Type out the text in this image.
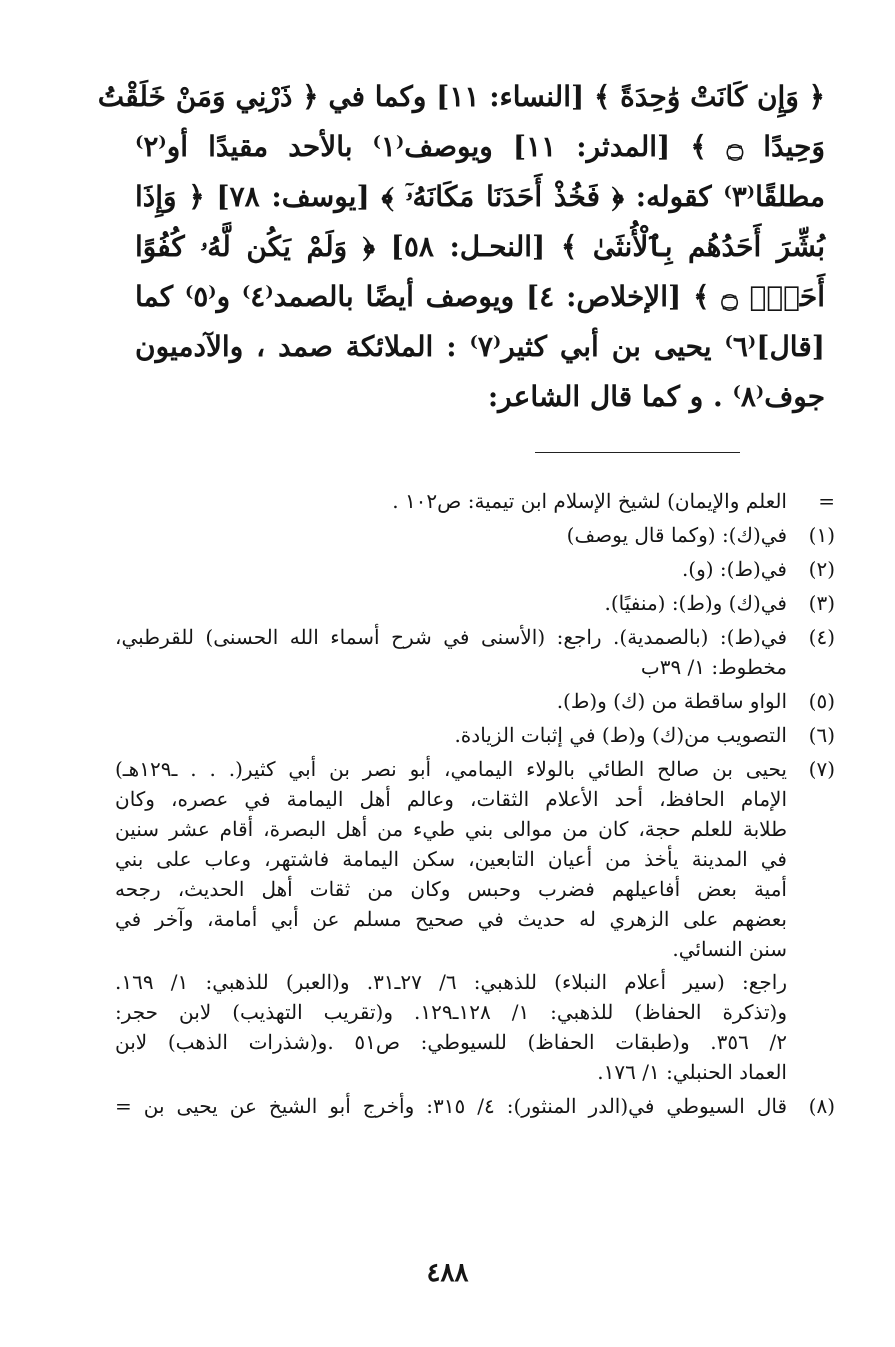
﴿ وَإِن كَانَتْ وَٰحِدَةً ﴾ [النساء: ١١] وكما في ﴿ ذَرْنِي وَمَنْ خَلَقْتُ
وَحِيدًا ۝ ﴾ [المدثر: ١١] ويوصف⁽١⁾ بالأحد مقيدًا أو⁽٢⁾
مطلقًا⁽٣⁾ كقوله: ﴿ فَخُذْ أَحَدَنَا مَكَانَهُۥٓ ﴾ [يوسف: ٧٨] ﴿ وَإِذَا
بُشِّرَ أَحَدُهُم بِٱلْأُنثَىٰ ﴾ [النحـل: ٥٨] ﴿ وَلَمْ يَكُن لَّهُۥ كُفُوًا
أَحَدٌۢ ۝ ﴾ [الإخلاص: ٤] ويوصف أيضًا بالصمد⁽٤⁾ و⁽٥⁾ كما
[قال]⁽٦⁾ يحيى بن أبي كثير⁽٧⁾ : الملائكة صمد ، والآدميون
جوف⁽٨⁾ . و كما قال الشاعر:
=
العلم والإيمان) لشيخ الإسلام ابن تيمية: ص١٠٢ .
(١)
في(ك): (وكما قال يوصف)
(٢)
في(ط): (و).
(٣)
في(ك) و(ط): (منفيًا).
(٤)
في(ط): (بالصمدية). راجع: (الأسنى في شرح أسماء الله الحسنى) للقرطبي،
مخطوط: ١/ ٣٩ب
(٥)
الواو ساقطة من (ك) و(ط).
(٦)
التصويب من(ك) و(ط) في إثبات الزيادة.
(٧)
يحيى بن صالح الطائي بالولاء اليمامي، أبو نصر بن أبي كثير(. . . ـ١٢٩هـ)
الإمام الحافظ، أحد الأعلام الثقات، وعالم أهل اليمامة في عصره، وكان
طلابة للعلم حجة، كان من موالى بني طيء من أهل البصرة، أقام عشر سنين
في المدينة يأخذ من أعيان التابعين، سكن اليمامة فاشتهر، وعاب على بني
أمية بعض أفاعيلهم فضرب وحبس وكان من ثقات أهل الحديث، رجحه
بعضهم على الزهري له حديث في صحيح مسلم عن أبي أمامة، وآخر في
سنن النسائي.
راجع: (سير أعلام النبلاء) للذهبي: ٦/ ٢٧ـ٣١. و(العبر) للذهبي: ١/ ١٦٩.
و(تذكرة الحفاظ) للذهبي: ١/ ١٢٨ـ١٢٩. و(تقريب التهذيب) لابن حجر:
٢/ ٣٥٦. و(طبقات الحفاظ) للسيوطي: ص٥١ .و(شذرات الذهب) لابن
العماد الحنبلي: ١/ ١٧٦.
(٨)
قال السيوطي في(الدر المنثور): ٤/ ٣١٥: وأخرج أبو الشيخ عن يحيى بن =
٤٨٨
